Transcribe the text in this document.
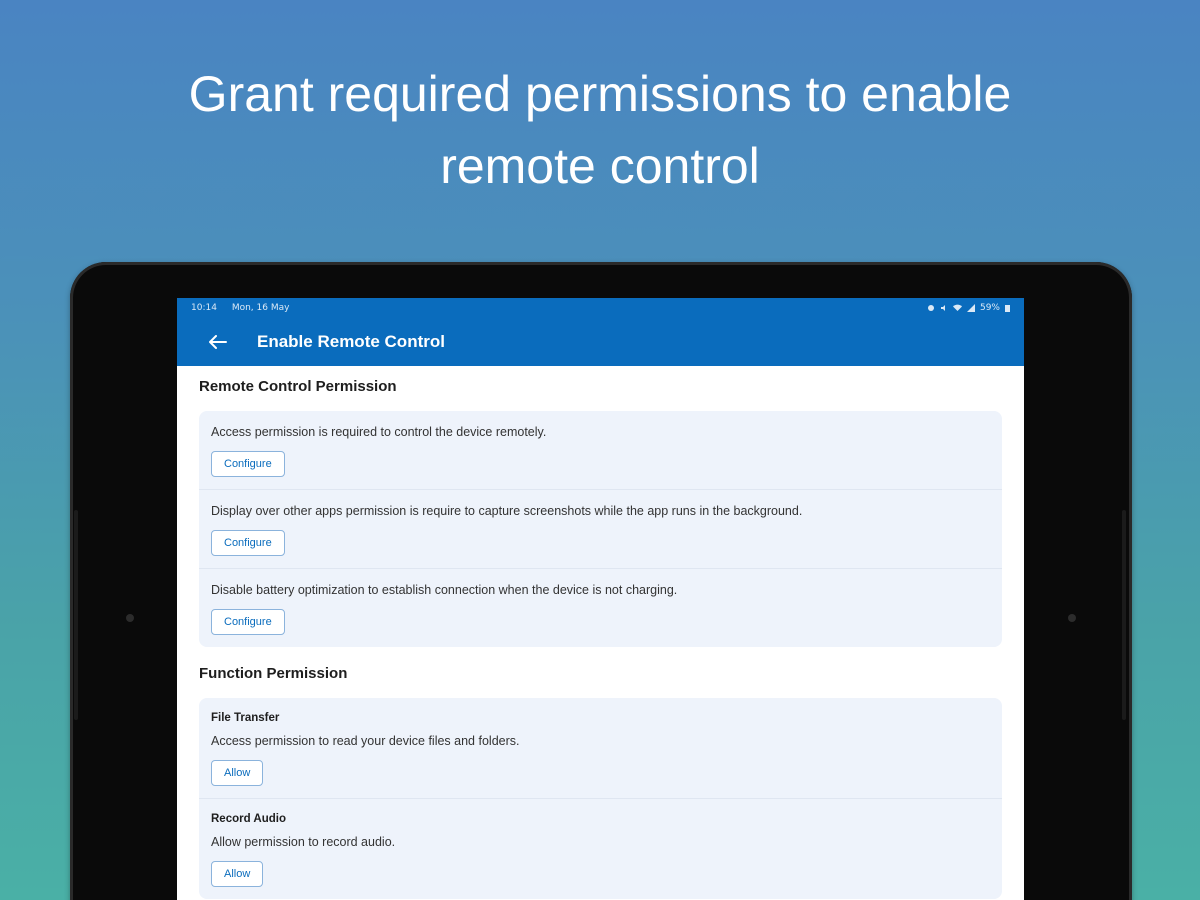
Grant required permissions to enable
remote control
10:14 Mon, 16 May	59%
Enable Remote Control
Remote Control Permission
Access permission is required to control the device remotely.
Configure
Display over other apps permission is require to capture screenshots while the app runs in the background.
Configure
Disable battery optimization to establish connection when the device is not charging.
Configure
Function Permission
File Transfer
Access permission to read your device files and folders.
Allow
Record Audio
Allow permission to record audio.
Allow
